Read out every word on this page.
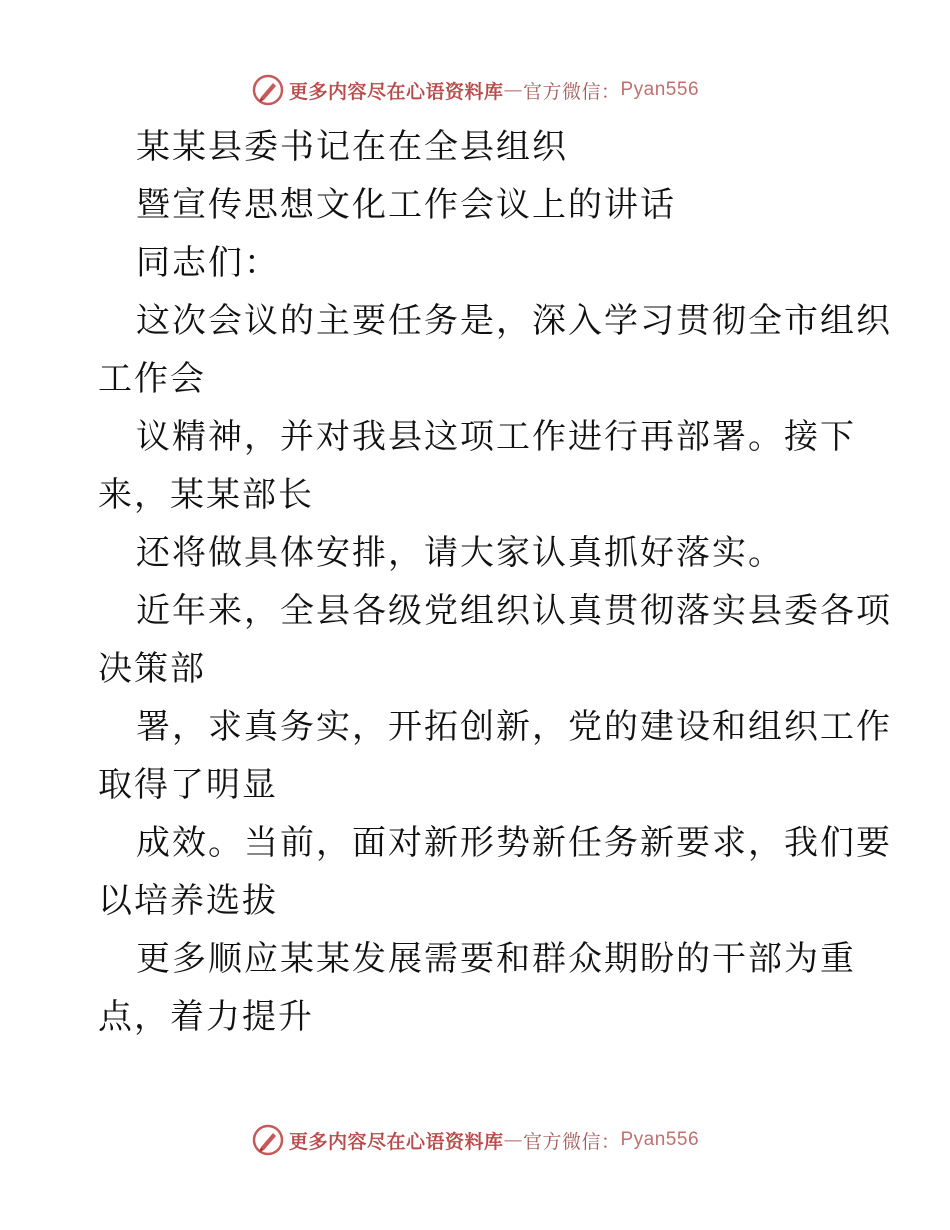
更多内容尽在心语资料库 — 官方微信： Pyan556
某某县委书记在在全县组织
暨宣传思想文化工作会议上的讲话
同志们：
这次会议的主要任务是，深入学习贯彻全市组织
工作会
议精神，并对我县这项工作进行再部署。接下
来，某某部长
还将做具体安排，请大家认真抓好落实。
近年来，全县各级党组织认真贯彻落实县委各项
决策部
署，求真务实，开拓创新，党的建设和组织工作
取得了明显
成效。当前，面对新形势新任务新要求，我们要
以培养选拔
更多顺应某某发展需要和群众期盼的干部为重
点，着力提升
更多内容尽在心语资料库 — 官方微信： Pyan556
